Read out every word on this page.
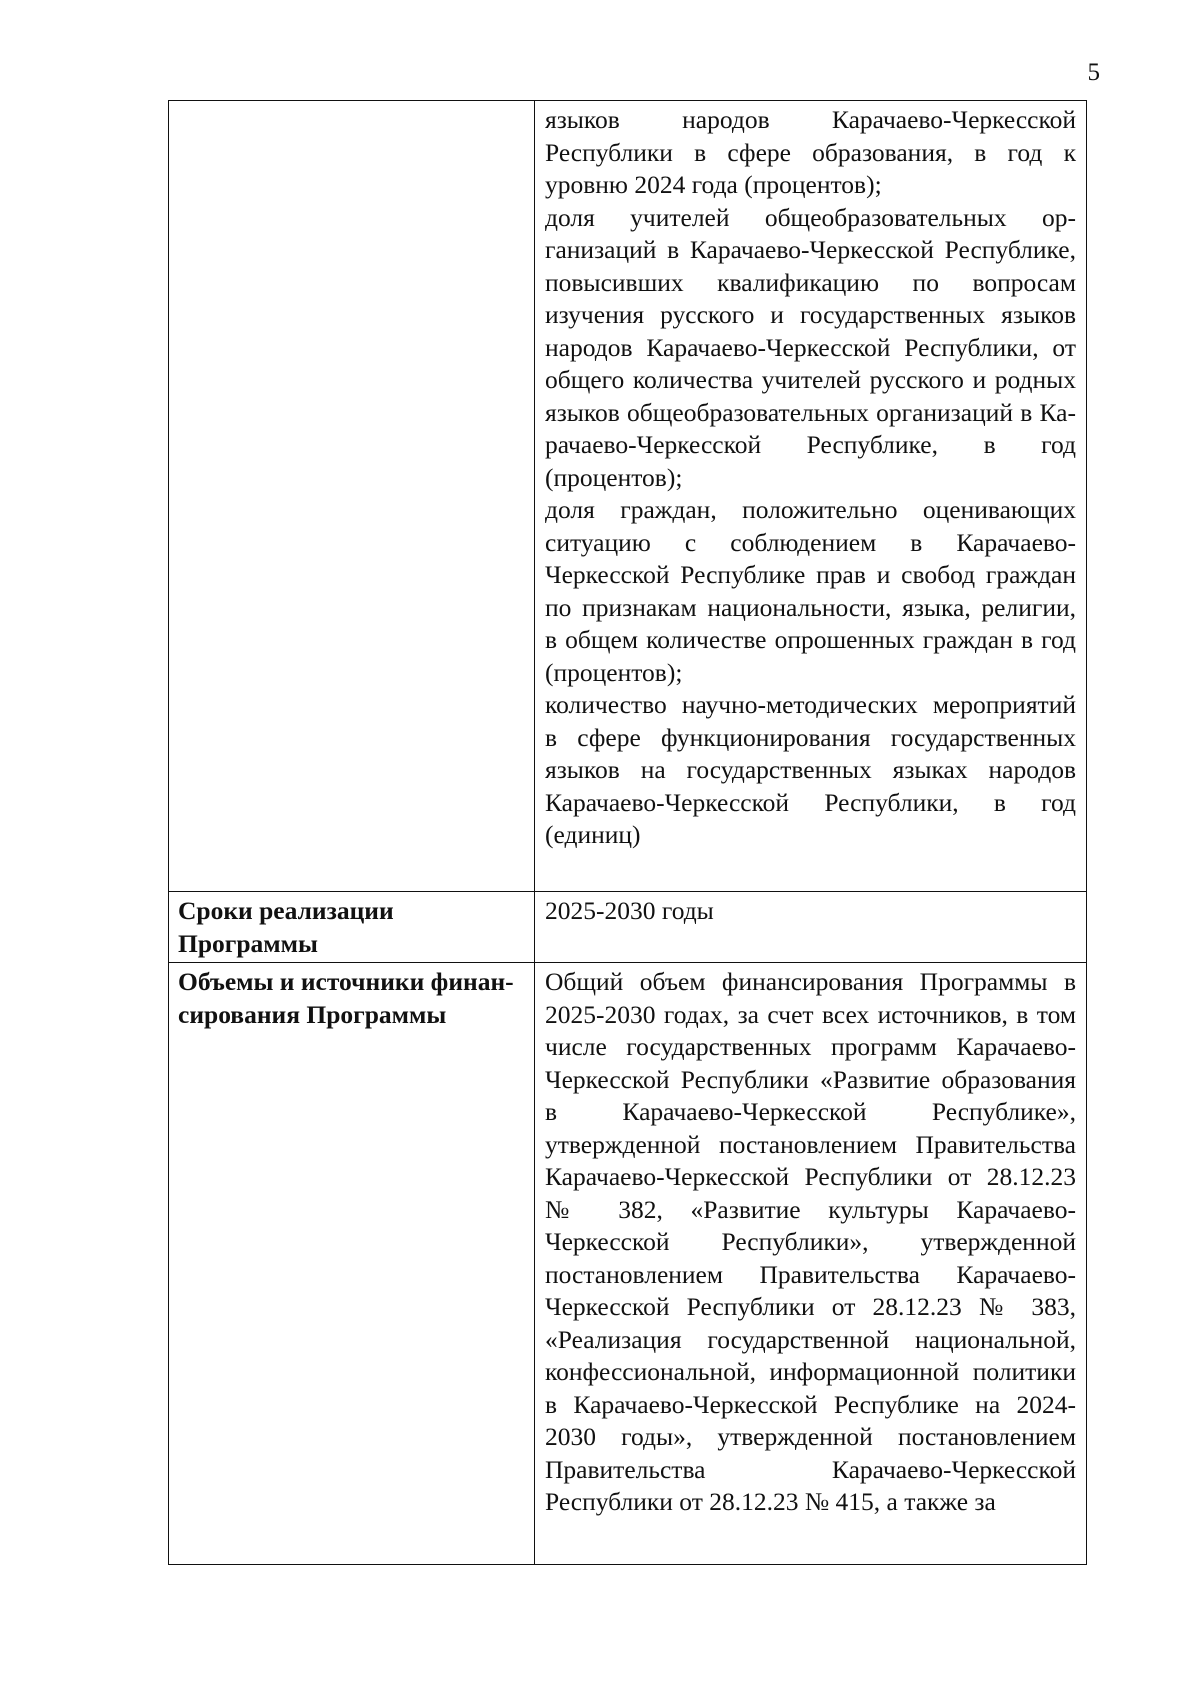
5

	языков народов Карачаево-Черкесской Республики в сфере образования, в год к уровню 2024 года (процентов);

доля учителей общеобразовательных организаций в Карачаево-Черкесской Республике, повысивших квалификацию по вопросам изучения русского и государственных языков народов Карачаево-Черкесской Республики, от общего количества учителей русского и родных языков общеобразовательных организаций в Карачаево-Черкесской Республике, в год (процентов);

доля граждан, положительно оценивающих ситуацию с соблюдением в Карачаево-Черкесской Республике прав и свобод граждан по признакам национальности, языка, религии, в общем количестве опрошенных граждан в год (процентов);

количество научно-методических мероприятий в сфере функционирования государственных языков на государственных языках народов Карачаево-Черкесской Республики, в год (единиц)

Сроки реализации Программы	2025-2030 годы

Объемы и источники финансирования Программы	Общий объем финансирования Программы в 2025-2030 годах, за счет всех источников, в том числе государственных программ Карачаево-Черкесской Республики «Развитие образования в Карачаево-Черкесской Республике», утвержденной постановлением Правительства Карачаево-Черкесской Республики от 28.12.23 № 382, «Развитие культуры Карачаево-Черкесской Республики», утвержденной постановлением Правительства Карачаево-Черкесской Республики от 28.12.23 № 383, «Реализация государственной национальной, конфессиональной, информационной политики в Карачаево-Черкесской Республике на 2024-2030 годы», утвержденной постановлением Правительства Карачаево-Черкесской Республики от 28.12.23 № 415, а также за
